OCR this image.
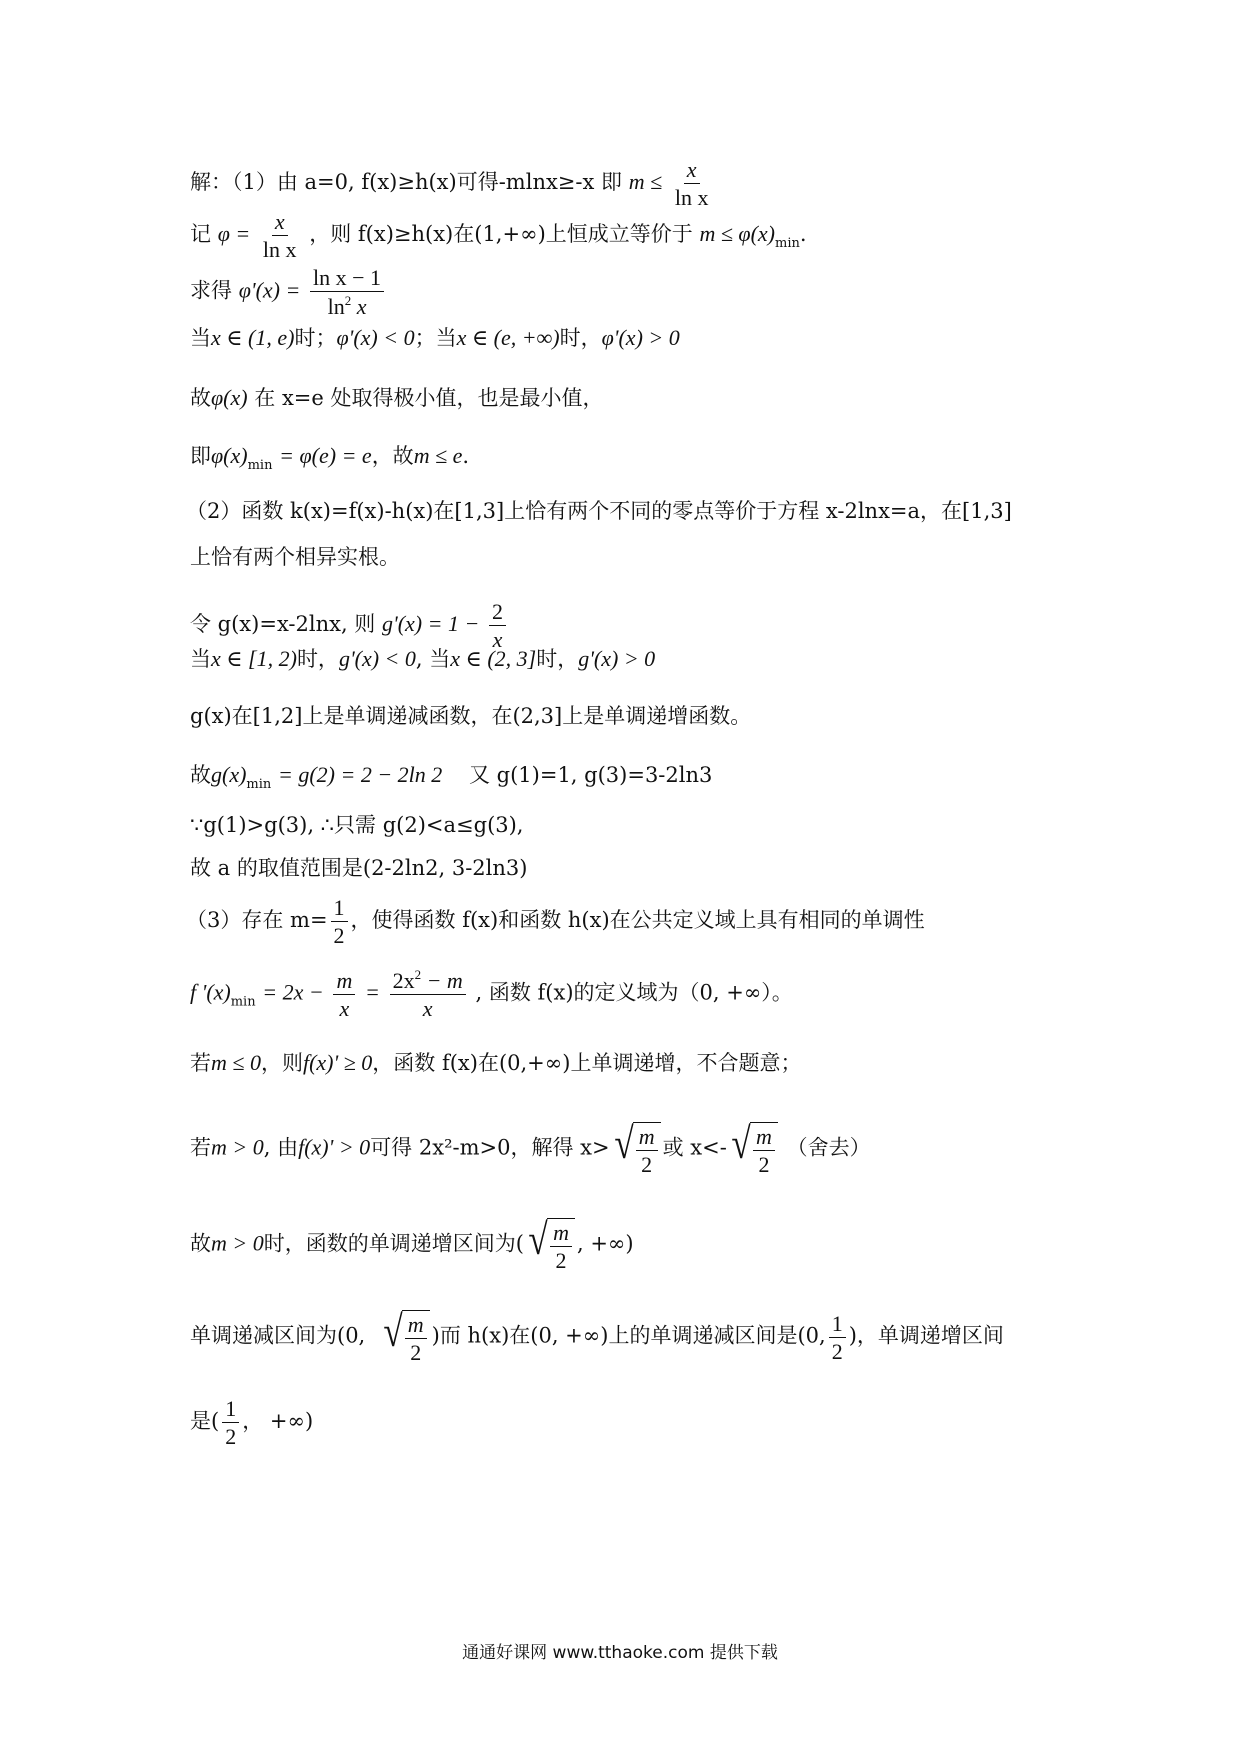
解：（1）由 a=0, f(x)≥h(x)可得-mlnx≥-x 即 $m \le \frac{x}{\text{ln x}}$
记 $\varphi = \frac{x}{\text{ln x}}$ ，则 f(x)≥h(x)在(1,+∞)上恒成立等价于 $m \le \varphi(x)_{min}$.
求得 $\varphi'(x) = \frac{\text{ln x − 1}}{\ln^2 x}$
当x ∈ (1, e)时；φ'(x) < 0；当x ∈ (e, +∞)时，φ'(x) > 0
故φ(x) 在 x=e 处取得极小值，也是最小值，
即$\varphi(x)_{min} = \varphi(e) = e$，故m ≤ e.
（2）函数 k(x)=f(x)-h(x)在[1,3]上恰有两个不同的零点等价于方程 x-2lnx=a，在[1,3]
上恰有两个相异实根。
令 g(x)=x-2lnx, 则 $g'(x) = 1 - \frac{2}{x}$
当x ∈ [1, 2)时，g'(x) < 0, 当x ∈ (2, 3]时，g'(x) > 0
g(x)在[1,2]上是单调递减函数，在(2,3]上是单调递增函数。
故$g(x)_{min} = g(2) = 2 - 2\ln$ 2 又 g(1)=1, g(3)=3-2ln3
∵g(1)>g(3), ∴只需 g(2)<a≤g(3),
故 a 的取值范围是(2-2ln2, 3-2ln3)
（3）存在 $m= \frac{1}{2}$ ，使得函数 f(x)和函数 h(x)在公共定义域上具有相同的单调性
f '$(x)_{min} = 2x - \frac{m}{x} = \frac{2x^2 - m}{x}$ , 函数 f(x)的定义域为（0, +∞）。
若m ≤ 0，则f(x)' ≥ 0，函数 f(x)在(0,+∞)上单调递增，不合题意；
若m > 0, 由f(x)' > 0可得 2x²-m>0，解得 x> √ $\frac{m}{2}$ 或 x<- √ $\frac{m}{2}$ （舍去）
故m > 0时，函数的单调递增区间为( √ $\frac{m}{2}$ , +∞)
单调递减区间为(0, √ $\frac{m}{2}$ )而 h(x)在(0, +∞)上的单调递减区间是(0, $\frac{1}{2}$ )，单调递增区间
是( $\frac{1}{2}$ ， +∞)
通通好课网 www.tthaoke.com 提供下载
